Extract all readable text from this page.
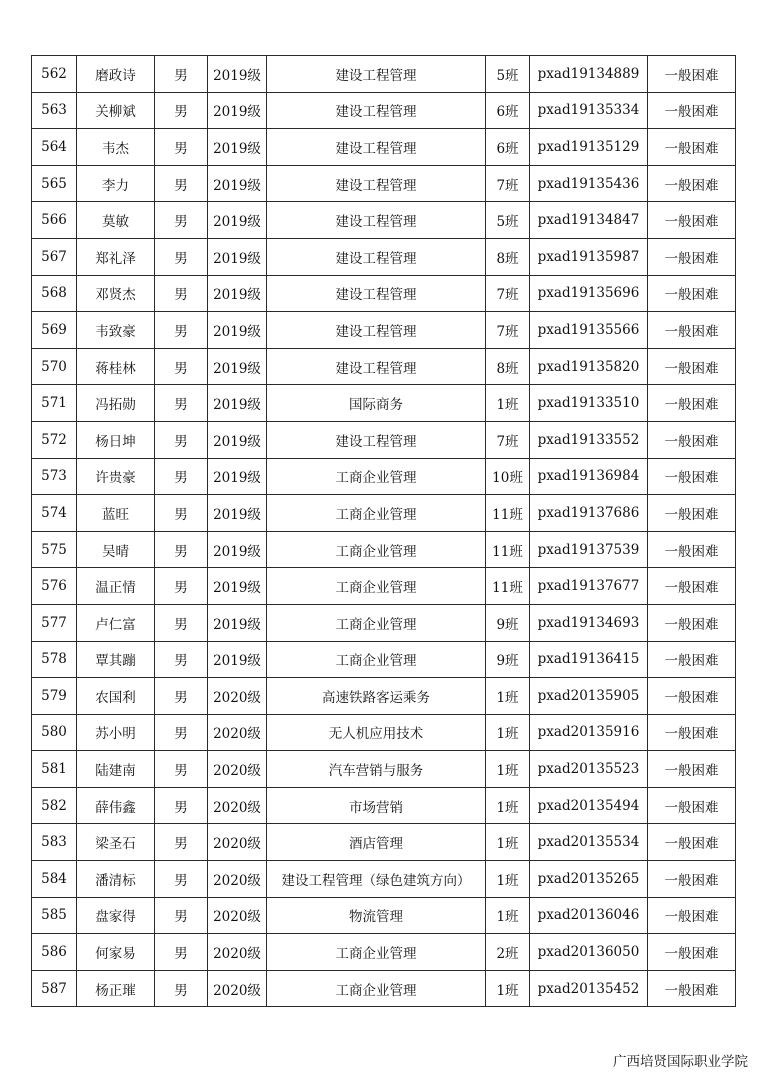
562	磨政诗	男	2019级	建设工程管理	5班	pxad19134889	一般困难
563	关柳斌	男	2019级	建设工程管理	6班	pxad19135334	一般困难
564	韦杰	男	2019级	建设工程管理	6班	pxad19135129	一般困难
565	李力	男	2019级	建设工程管理	7班	pxad19135436	一般困难
566	莫敏	男	2019级	建设工程管理	5班	pxad19134847	一般困难
567	郑礼泽	男	2019级	建设工程管理	8班	pxad19135987	一般困难
568	邓贤杰	男	2019级	建设工程管理	7班	pxad19135696	一般困难
569	韦致豪	男	2019级	建设工程管理	7班	pxad19135566	一般困难
570	蒋桂林	男	2019级	建设工程管理	8班	pxad19135820	一般困难
571	冯拓勋	男	2019级	国际商务	1班	pxad19133510	一般困难
572	杨日坤	男	2019级	建设工程管理	7班	pxad19133552	一般困难
573	许贵豪	男	2019级	工商企业管理	10班	pxad19136984	一般困难
574	蓝旺	男	2019级	工商企业管理	11班	pxad19137686	一般困难
575	吴晴	男	2019级	工商企业管理	11班	pxad19137539	一般困难
576	温正情	男	2019级	工商企业管理	11班	pxad19137677	一般困难
577	卢仁富	男	2019级	工商企业管理	9班	pxad19134693	一般困难
578	覃其蹦	男	2019级	工商企业管理	9班	pxad19136415	一般困难
579	农国利	男	2020级	高速铁路客运乘务	1班	pxad20135905	一般困难
580	苏小明	男	2020级	无人机应用技术	1班	pxad20135916	一般困难
581	陆建南	男	2020级	汽车营销与服务	1班	pxad20135523	一般困难
582	薛伟鑫	男	2020级	市场营销	1班	pxad20135494	一般困难
583	梁圣石	男	2020级	酒店管理	1班	pxad20135534	一般困难
584	潘清标	男	2020级	建设工程管理（绿色建筑方向）	1班	pxad20135265	一般困难
585	盘家得	男	2020级	物流管理	1班	pxad20136046	一般困难
586	何家易	男	2020级	工商企业管理	2班	pxad20136050	一般困难
587	杨正璀	男	2020级	工商企业管理	1班	pxad20135452	一般困难
广西培贤国际职业学院
